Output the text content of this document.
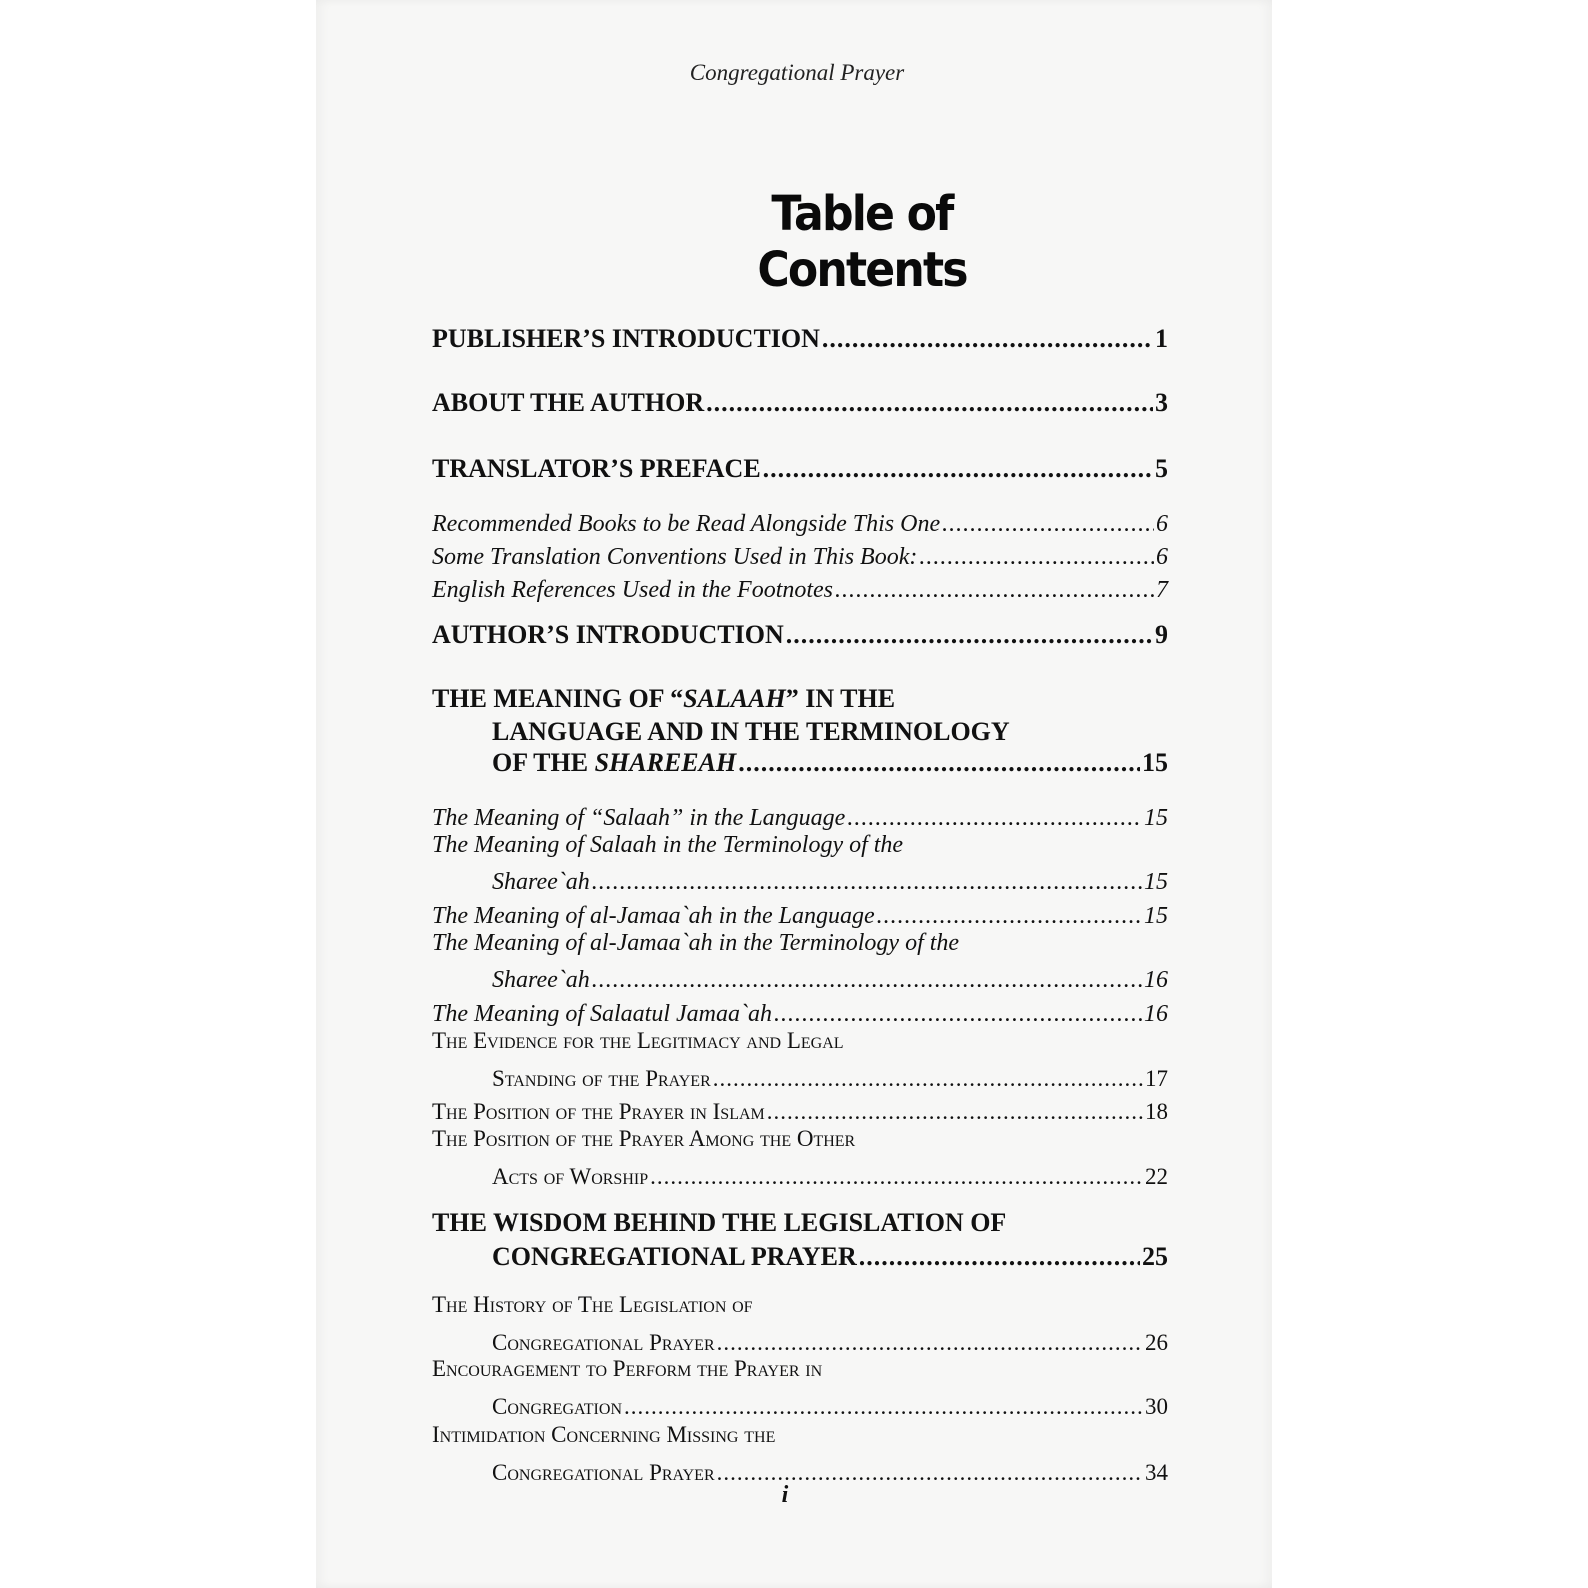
Congregational Prayer
Table of Contents
PUBLISHER’S INTRODUCTION .....	1
ABOUT THE AUTHOR .....	3
TRANSLATOR’S PREFACE .....	5
Recommended Books to be Read Alongside This One .....	6
Some Translation Conventions Used in This Book: .....	6
English References Used in the Footnotes .....	7
AUTHOR’S INTRODUCTION .....	9
THE MEANING OF “SALAAH” IN THE
LANGUAGE AND IN THE TERMINOLOGY
OF THE SHAREEAH .....	15
The Meaning of “Salaah” in the Language .....	15
The Meaning of Salaah in the Terminology of the
Sharee`ah .....	15
The Meaning of al-Jamaa`ah in the Language .....	15
The Meaning of al-Jamaa`ah in the Terminology of the
Sharee`ah .....	16
The Meaning of Salaatul Jamaa`ah .....	16
The Evidence for the Legitimacy and Legal
Standing of the Prayer .....	17
The Position of the Prayer in Islam .....	18
The Position of the Prayer Among the Other
Acts of Worship .....	22
THE WISDOM BEHIND THE LEGISLATION OF
CONGREGATIONAL PRAYER .....	25
The History of The Legislation of
Congregational Prayer .....	26
Encouragement to Perform the Prayer in
Congregation .....	30
Intimidation Concerning Missing the
Congregational Prayer .....	34
i
